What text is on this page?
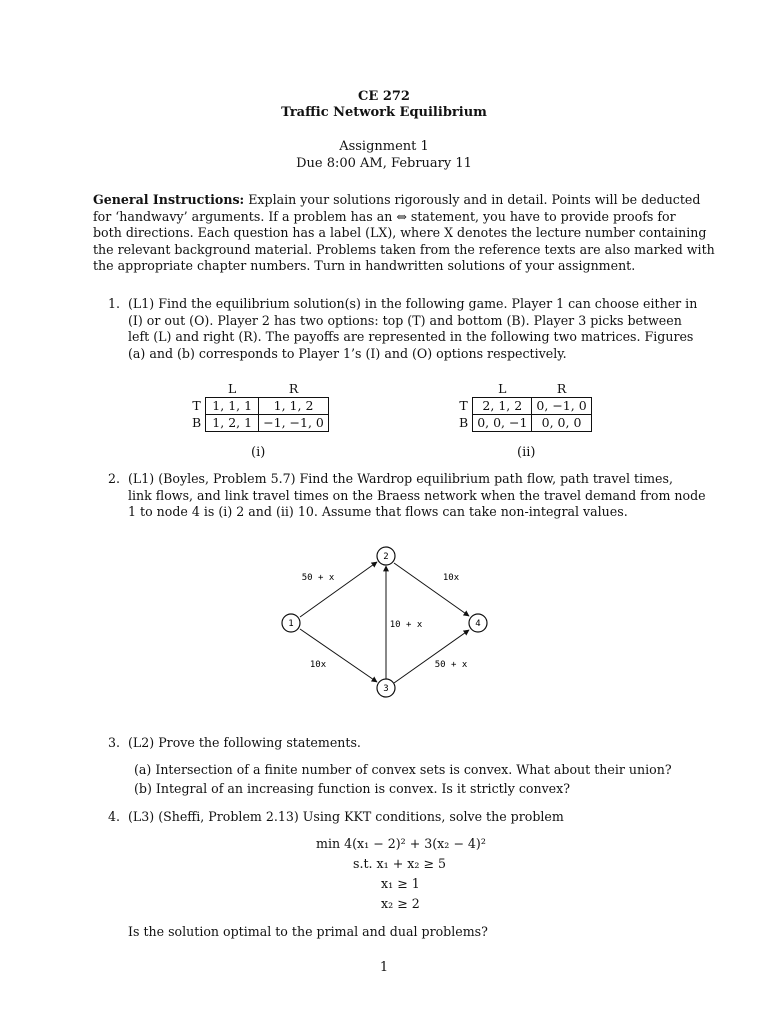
CE 272
Traffic Network Equilibrium
Assignment 1
Due 8:00 AM, February 11
General Instructions: Explain your solutions rigorously and in detail. Points will be deducted
for ‘handwavy’ arguments. If a problem has an ⇔ statement, you have to provide proofs for
both directions. Each question has a label (LX), where X denotes the lecture number containing
the relevant background material. Problems taken from the reference texts are also marked with
the appropriate chapter numbers. Turn in handwritten solutions of your assignment.
1. (L1) Find the equilibrium solution(s) in the following game. Player 1 can choose either in
(I) or out (O). Player 2 has two options: top (T) and bottom (B). Player 3 picks between
left (L) and right (R). The payoffs are represented in the following two matrices. Figures
(a) and (b) corresponds to Player 1’s (I) and (O) options respectively.
	L	R
T	1, 1, 1	1, 1, 2
B	1, 2, 1	−1, −1, 0
(i)
	L	R
T	2, 1, 2	0, −1, 0
B	0, 0, −1	0, 0, 0
(ii)
2. (L1) (Boyles, Problem 5.7) Find the Wardrop equilibrium path flow, path travel times,
link flows, and link travel times on the Braess network when the travel demand from node
1 to node 4 is (i) 2 and (ii) 10. Assume that flows can take non-integral values.
1
2
3
4
50 + x	10x
10 + x
10x	50 + x
3. (L2) Prove the following statements.
(a) Intersection of a finite number of convex sets is convex. What about their union?
(b) Integral of an increasing function is convex. Is it strictly convex?
4. (L3) (Sheffi, Problem 2.13) Using KKT conditions, solve the problem
min 4(x₁ − 2)² + 3(x₂ − 4)²
s.t. x₁ + x₂ ≥ 5
x₁ ≥ 1
x₂ ≥ 2
Is the solution optimal to the primal and dual problems?
1
